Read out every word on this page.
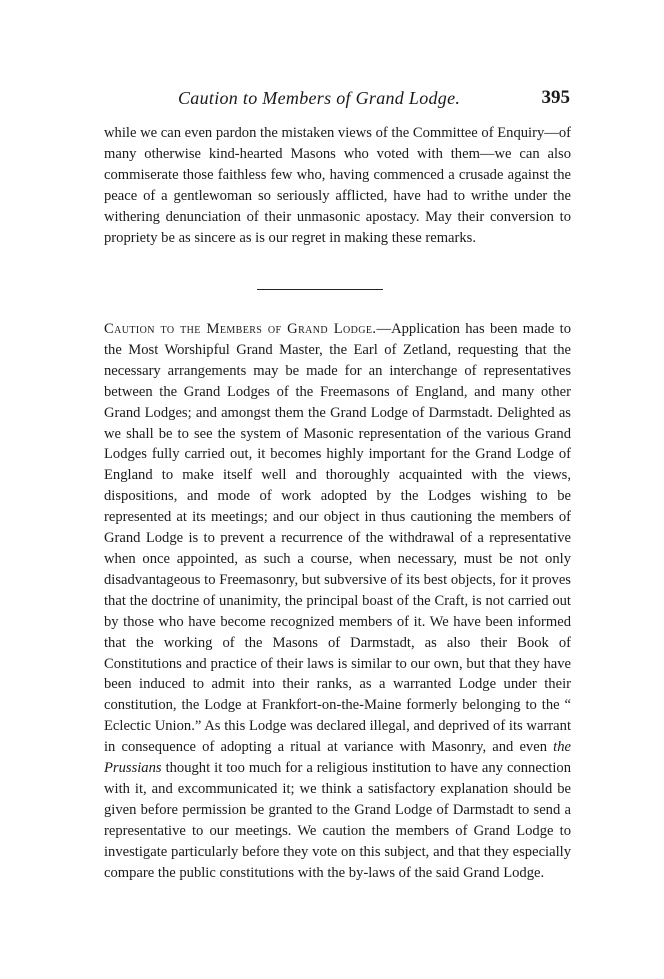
Caution to Members of Grand Lodge.	395

while we can even pardon the mistaken views of the Committee of Enquiry—of many otherwise kind-hearted Masons who voted with them—we can also commiserate those faithless few who, having commenced a crusade against the peace of a gentlewoman so seriously afflicted, have had to writhe under the withering denunciation of their unmasonic apostacy. May their conversion to propriety be as sincere as is our regret in making these remarks.

Caution to the Members of Grand Lodge.—Application has been made to the Most Worshipful Grand Master, the Earl of Zetland, requesting that the necessary arrangements may be made for an interchange of representatives between the Grand Lodges of the Freemasons of England, and many other Grand Lodges; and amongst them the Grand Lodge of Darmstadt. Delighted as we shall be to see the system of Masonic representation of the various Grand Lodges fully carried out, it becomes highly important for the Grand Lodge of England to make itself well and thoroughly acquainted with the views, dispositions, and mode of work adopted by the Lodges wishing to be represented at its meetings; and our object in thus cautioning the members of Grand Lodge is to prevent a recurrence of the withdrawal of a representative when once appointed, as such a course, when necessary, must be not only disadvantageous to Freemasonry, but subversive of its best objects, for it proves that the doctrine of unanimity, the principal boast of the Craft, is not carried out by those who have become recognized members of it. We have been informed that the working of the Masons of Darmstadt, as also their Book of Constitutions and practice of their laws is similar to our own, but that they have been induced to admit into their ranks, as a warranted Lodge under their constitution, the Lodge at Frankfort-on-the-Maine formerly belonging to the “ Eclectic Union.” As this Lodge was declared illegal, and deprived of its warrant in consequence of adopting a ritual at variance with Masonry, and even the Prussians thought it too much for a religious institution to have any connection with it, and excommunicated it; we think a satisfactory explanation should be given before permission be granted to the Grand Lodge of Darmstadt to send a representative to our meetings. We caution the members of Grand Lodge to investigate particularly before they vote on this subject, and that they especially compare the public constitutions with the by-laws of the said Grand Lodge.
